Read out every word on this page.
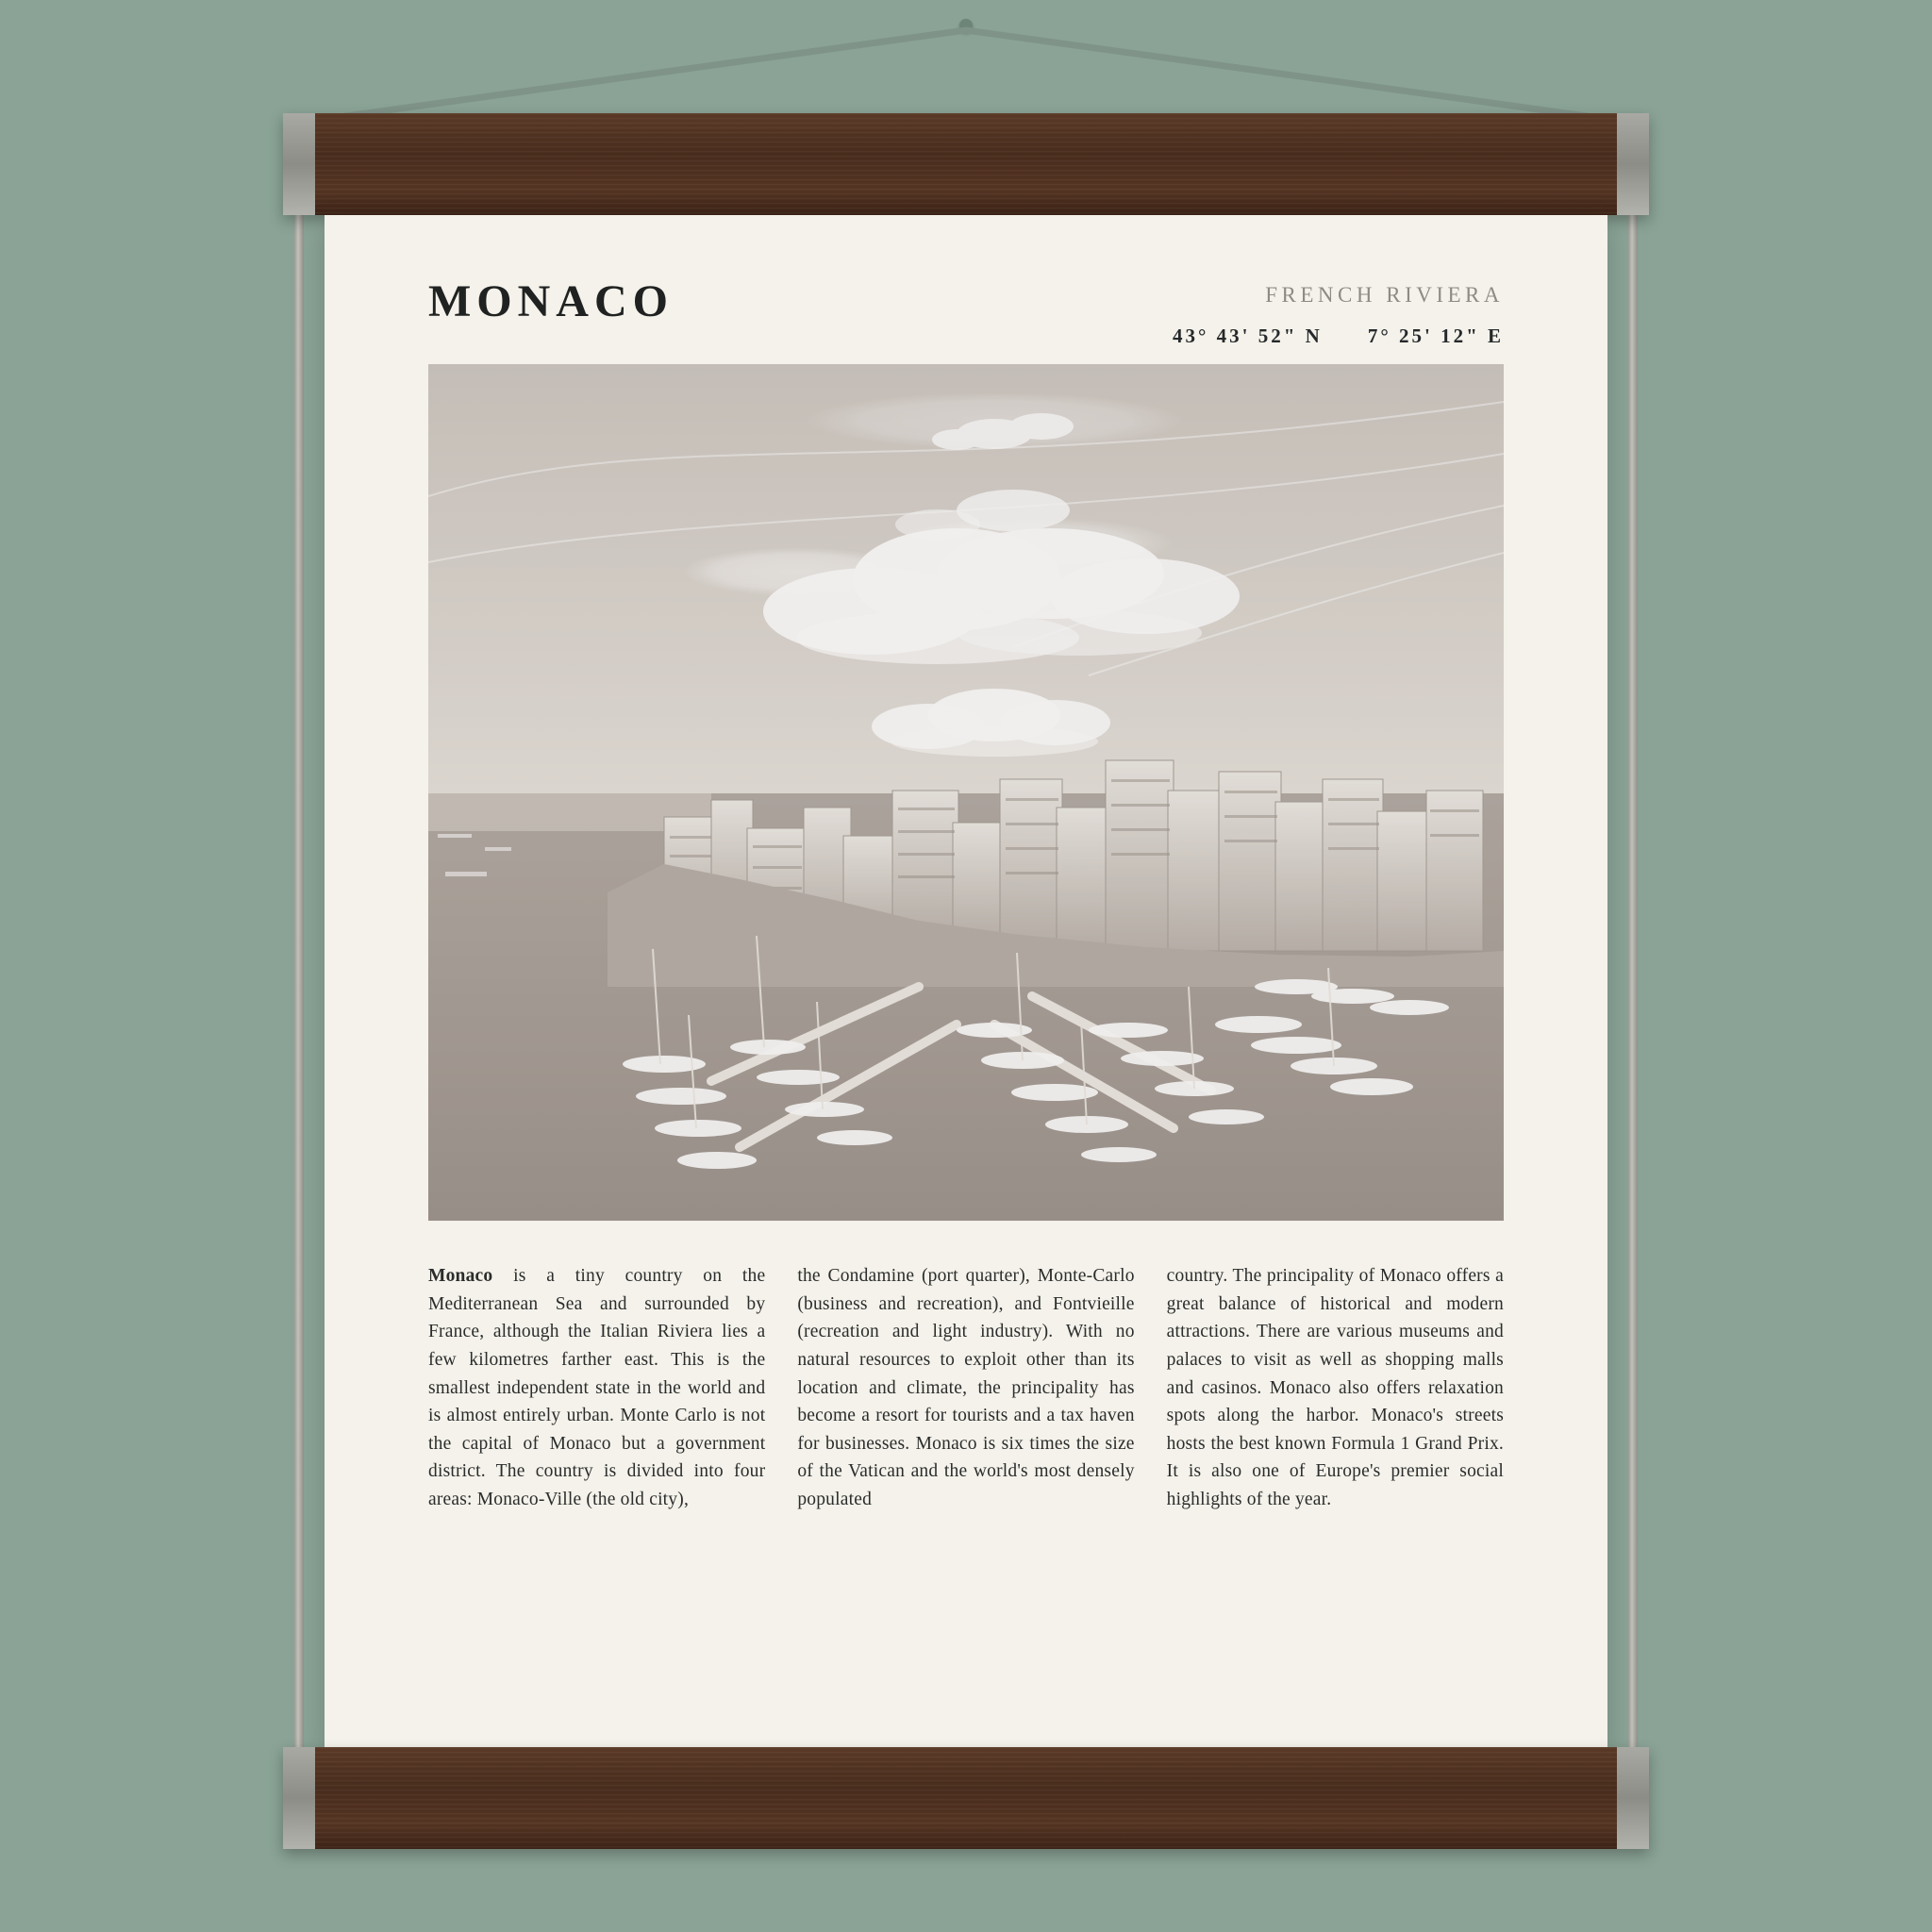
MONACO	FRENCH RIVIERA
43° 43' 52" N 7° 25' 12" E
Monaco is a tiny country on the Mediterranean Sea and surrounded by France, although the Italian Riviera lies a few kilometres farther east. This is the smallest independent state in the world and is almost entirely urban. Monte Carlo is not the capital of Monaco but a government district. The country is divided into four areas: Monaco-Ville (the old city),
the Condamine (port quarter), Monte-Carlo (business and recreation), and Fontvieille (recreation and light industry). With no natural resources to exploit other than its location and climate, the principality has become a resort for tourists and a tax haven for businesses. Monaco is six times the size of the Vatican and the world's most densely populated
country. The principality of Monaco offers a great balance of historical and modern attractions. There are various museums and palaces to visit as well as shopping malls and casinos. Monaco also offers relaxation spots along the harbor. Monaco's streets hosts the best known Formula 1 Grand Prix. It is also one of Europe's premier social highlights of the year.
